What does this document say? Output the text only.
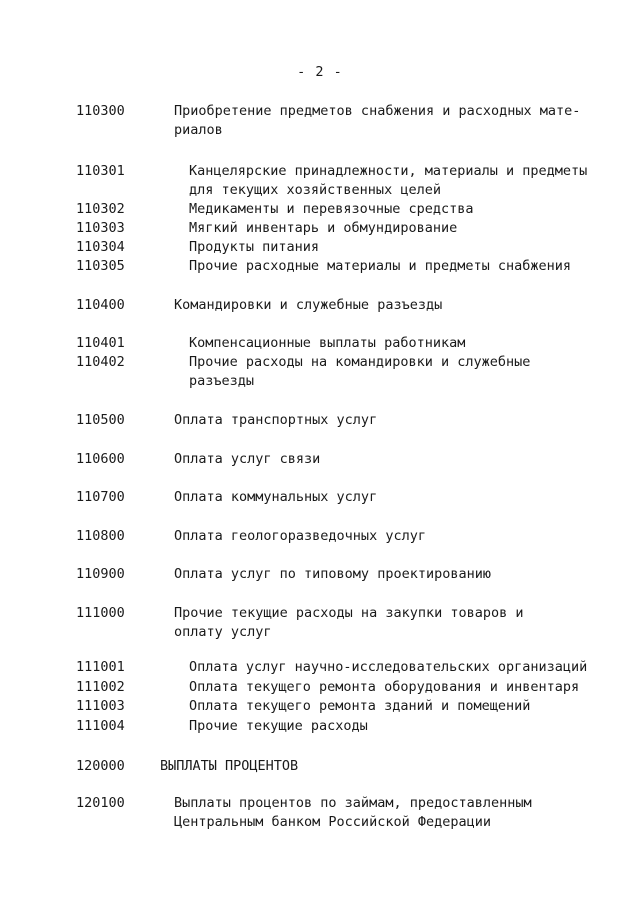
- 2 -
110300	Приобретение предметов снабжения и расходных мате-
риалов
110301	Канцелярские принадлежности, материалы и предметы
для текущих хозяйственных целей
110302	Медикаменты и перевязочные средства
110303	Мягкий инвентарь и обмундирование
110304	Продукты питания
110305	Прочие расходные материалы и предметы снабжения
110400	Командировки и служебные разъезды
110401	Компенсационные выплаты работникам
110402	Прочие расходы на командировки и служебные
разъезды
110500	Оплата транспортных услуг
110600	Оплата услуг связи
110700	Оплата коммунальных услуг
110800	Оплата геологоразведочных услуг
110900	Оплата услуг по типовому проектированию
111000	Прочие текущие расходы на закупки товаров и
оплату услуг
111001	Оплата услуг научно-исследовательских организаций
111002	Оплата текущего ремонта оборудования и инвентаря
111003	Оплата текущего ремонта зданий и помещений
111004	Прочие текущие расходы
120000	ВЫПЛАТЫ ПРОЦЕНТОВ
120100	Выплаты процентов по займам, предоставленным
Центральным банком Российской Федерации
